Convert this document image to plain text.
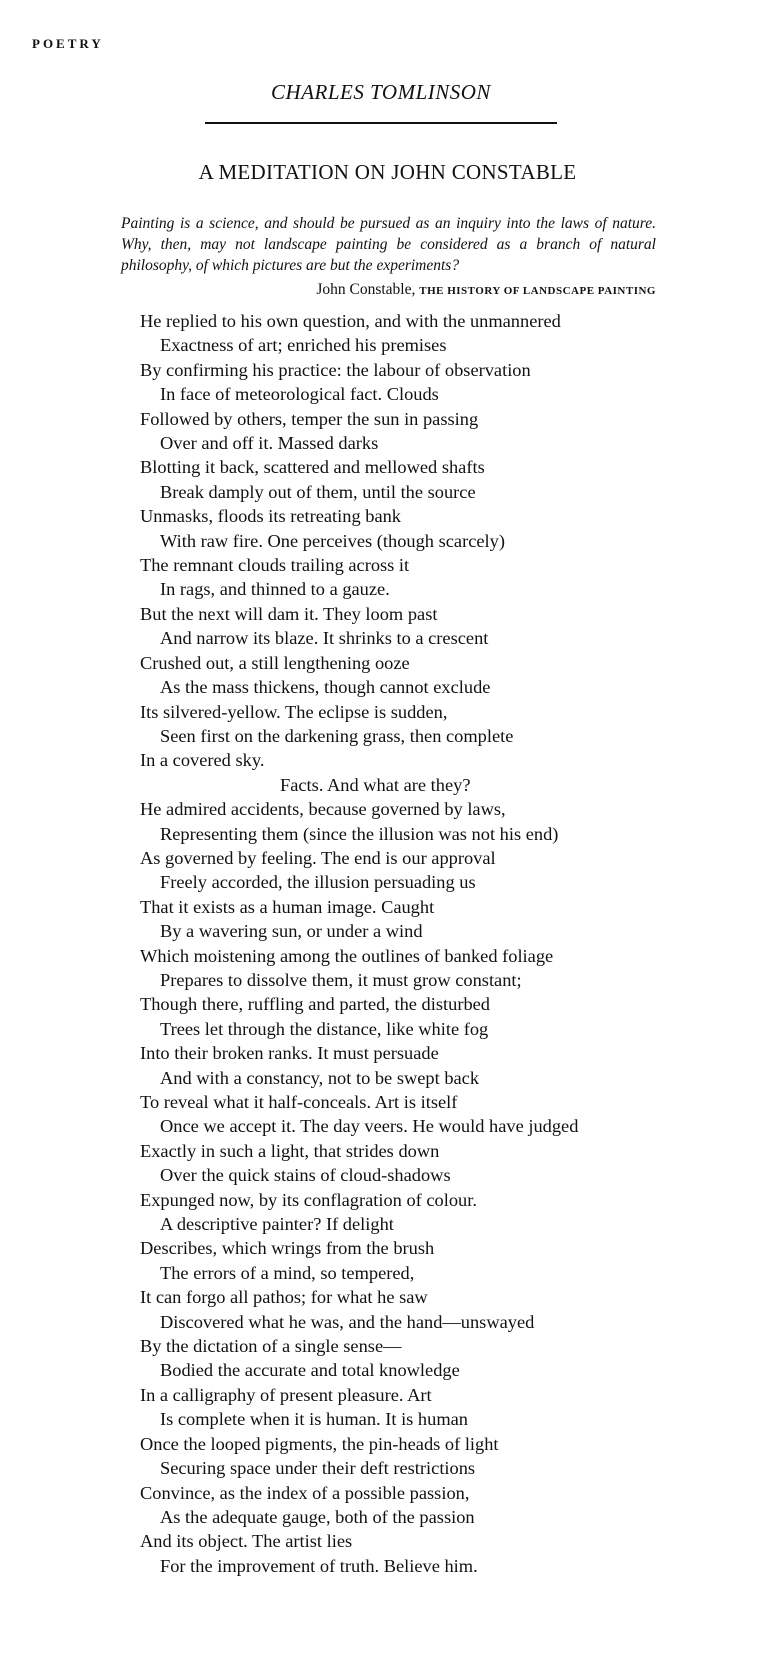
POETRY
CHARLES TOMLINSON
A MEDITATION ON JOHN CONSTABLE
Painting is a science, and should be pursued as an inquiry into the laws of nature.
Why, then, may not landscape painting be considered as a branch of natural
philosophy, of which pictures are but the experiments?
John Constable, THE HISTORY OF LANDSCAPE PAINTING
He replied to his own question, and with the unmannered
Exactness of art; enriched his premises
By confirming his practice: the labour of observation
In face of meteorological fact. Clouds
Followed by others, temper the sun in passing
Over and off it. Massed darks
Blotting it back, scattered and mellowed shafts
Break damply out of them, until the source
Unmasks, floods its retreating bank
With raw fire. One perceives (though scarcely)
The remnant clouds trailing across it
In rags, and thinned to a gauze.
But the next will dam it. They loom past
And narrow its blaze. It shrinks to a crescent
Crushed out, a still lengthening ooze
As the mass thickens, though cannot exclude
Its silvered-yellow. The eclipse is sudden,
Seen first on the darkening grass, then complete
In a covered sky.
Facts. And what are they?
He admired accidents, because governed by laws,
Representing them (since the illusion was not his end)
As governed by feeling. The end is our approval
Freely accorded, the illusion persuading us
That it exists as a human image. Caught
By a wavering sun, or under a wind
Which moistening among the outlines of banked foliage
Prepares to dissolve them, it must grow constant;
Though there, ruffling and parted, the disturbed
Trees let through the distance, like white fog
Into their broken ranks. It must persuade
And with a constancy, not to be swept back
To reveal what it half-conceals. Art is itself
Once we accept it. The day veers. He would have judged
Exactly in such a light, that strides down
Over the quick stains of cloud-shadows
Expunged now, by its conflagration of colour.
A descriptive painter? If delight
Describes, which wrings from the brush
The errors of a mind, so tempered,
It can forgo all pathos; for what he saw
Discovered what he was, and the hand—unswayed
By the dictation of a single sense—
Bodied the accurate and total knowledge
In a calligraphy of present pleasure. Art
Is complete when it is human. It is human
Once the looped pigments, the pin-heads of light
Securing space under their deft restrictions
Convince, as the index of a possible passion,
As the adequate gauge, both of the passion
And its object. The artist lies
For the improvement of truth. Believe him.
